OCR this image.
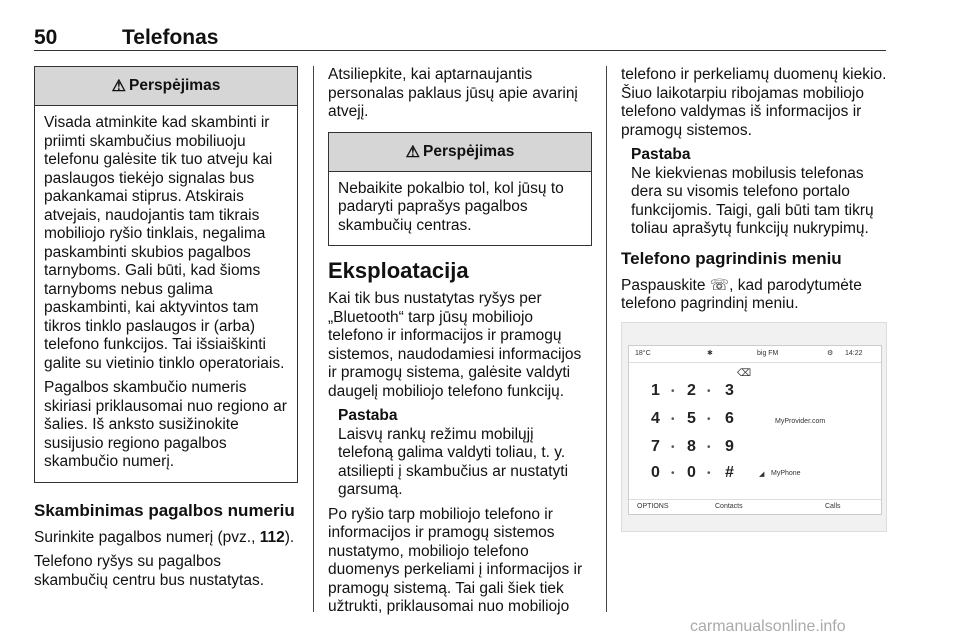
50	Telefonas
⚠ Perspėjimas

Visada atminkite kad skambinti ir priimti skambučius mobiliuoju telefonu galėsite tik tuo atveju kai paslaugos tiekėjo signalas bus pakankamai stiprus. Atskirais atvejais, naudojantis tam tikrais mobiliojo ryšio tinklais, negalima paskambinti skubios pagalbos tarnyboms. Gali būti, kad šioms tarnyboms nebus galima paskambinti, kai aktyvintos tam tikros tinklo paslaugos ir (arba) telefono funkcijos. Tai išsiaiškinti galite su vietinio tinklo operatoriais.

Pagalbos skambučio numeris skiriasi priklausomai nuo regiono ar šalies. Iš anksto susižinokite susijusio regiono pagalbos skambučio numerį.

Skambinimas pagalbos numeriu

Surinkite pagalbos numerį (pvz., 112).

Telefono ryšys su pagalbos skambučių centru bus nustatytas.

Atsiliepkite, kai aptarnaujantis personalas paklaus jūsų apie avarinį atvejį.

⚠ Perspėjimas

Nebaikite pokalbio tol, kol jūsų to padaryti paprašys pagalbos skambučių centras.

Eksploatacija

Kai tik bus nustatytas ryšys per „Bluetooth“ tarp jūsų mobiliojo telefono ir informacijos ir pramogų sistemos, naudodamiesi informacijos ir pramogų sistema, galėsite valdyti daugelį mobiliojo telefono funkcijų.

Pastaba

Laisvų rankų režimu mobilųjį telefoną galima valdyti toliau, t. y. atsiliepti į skambučius ar nustatyti garsumą.

Po ryšio tarp mobiliojo telefono ir informacijos ir pramogų sistemos nustatymo, mobiliojo telefono duomenys perkeliami į informacijos ir pramogų sistemą. Tai gali šiek tiek užtrukti, priklausomai nuo mobiliojo

telefono ir perkeliamų duomenų kiekio. Šiuo laikotarpiu ribojamas mobiliojo telefono valdymas iš informacijos ir pramogų sistemos.

Pastaba

Ne kiekvienas mobilusis telefonas dera su visomis telefono portalo funkcijomis. Taigi, gali būti tam tikrų toliau aprašytų funkcijų nukrypimų.

Telefono pagrindinis meniu

Paspauskite ☏, kad parodytumėte telefono pagrindinį meniu.

18°C	✱	big FM	⚙ 14:22
⌫
1 • 2 • 3
4 • 5 • 6	MyProvider.com
7 • 8 • 9
0 • 0 • #	◢ MyPhone
OPTIONS	Contacts	Calls
carmanualsonline.info
